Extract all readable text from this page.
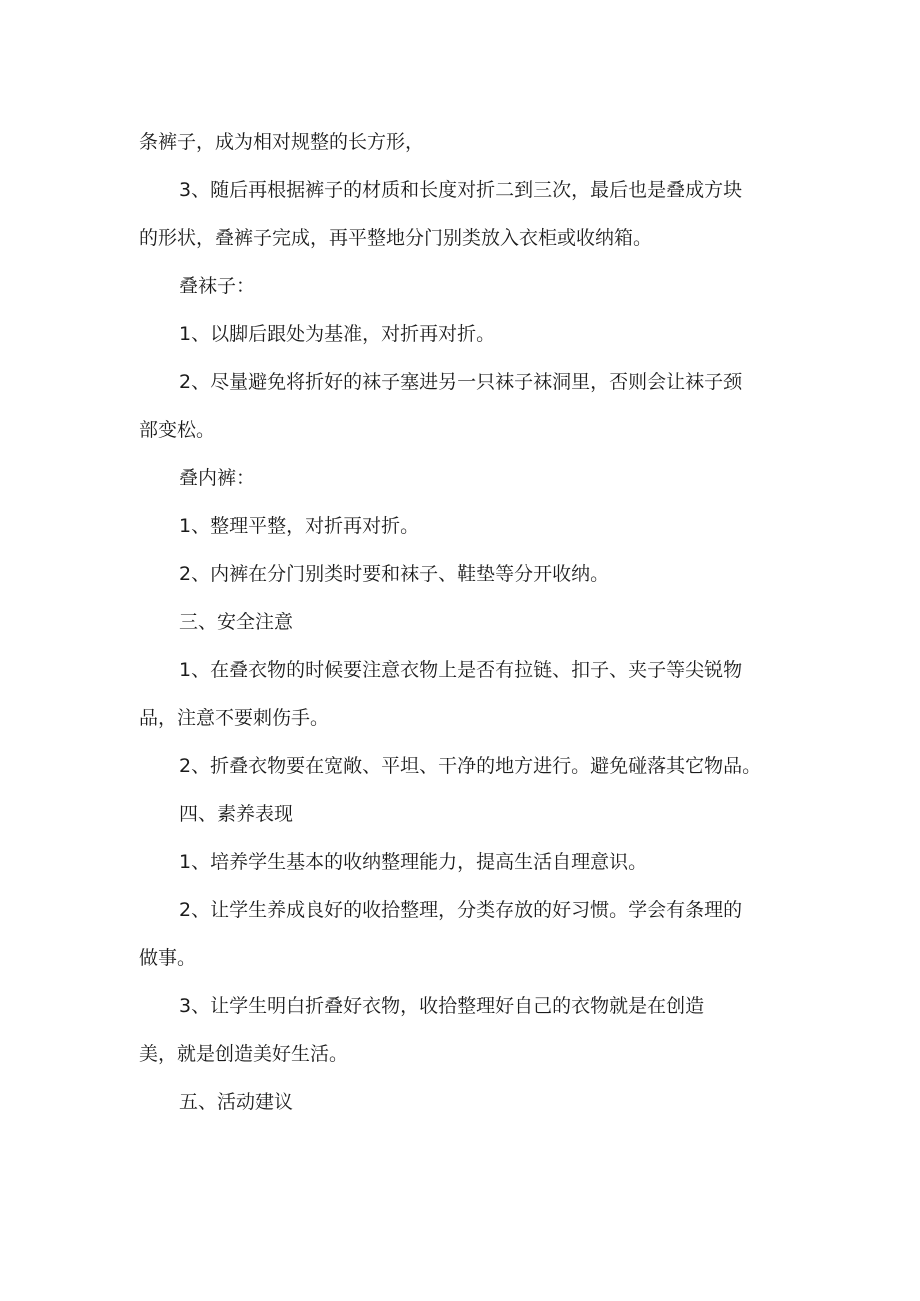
条裤子，成为相对规整的长方形，

3、随后再根据裤子的材质和长度对折二到三次，最后也是叠成方块

的形状，叠裤子完成，再平整地分门别类放入衣柜或收纳箱。

叠袜子：

1、以脚后跟处为基准，对折再对折。

2、尽量避免将折好的袜子塞进另一只袜子袜洞里，否则会让袜子颈

部变松。

叠内裤：

1、整理平整，对折再对折。

2、内裤在分门别类时要和袜子、鞋垫等分开收纳。

三、安全注意

1、在叠衣物的时候要注意衣物上是否有拉链、扣子、夹子等尖锐物

品，注意不要刺伤手。

2、折叠衣物要在宽敞、平坦、干净的地方进行。避免碰落其它物品。

四、素养表现

1、培养学生基本的收纳整理能力，提高生活自理意识。

2、让学生养成良好的收拾整理，分类存放的好习惯。学会有条理的

做事。

3、让学生明白折叠好衣物，收拾整理好自己的衣物就是在创造

美，就是创造美好生活。

五、活动建议
